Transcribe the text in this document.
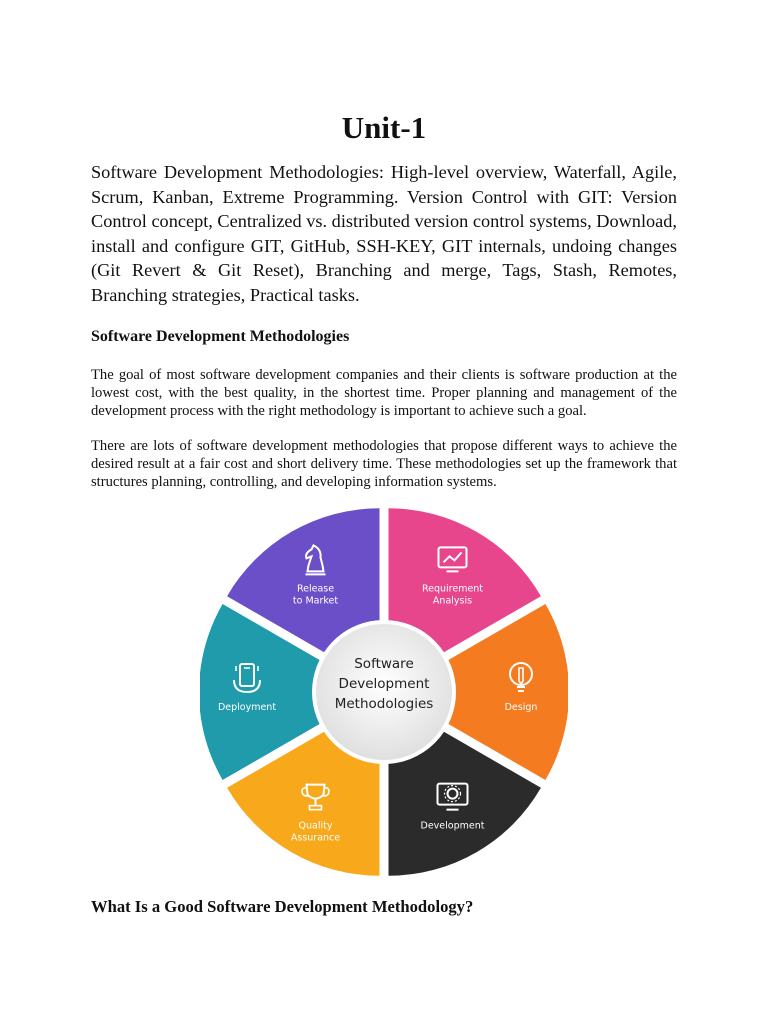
Unit-1

Software Development Methodologies: High-level overview, Waterfall, Agile, Scrum, Kanban, Extreme Programming. Version Control with GIT: Version Control concept, Centralized vs. distributed version control systems, Download, install and configure GIT, GitHub, SSH-KEY, GIT internals, undoing changes (Git Revert & Git Reset), Branching and merge, Tags, Stash, Remotes, Branching strategies, Practical tasks.

Software Development Methodologies

The goal of most software development companies and their clients is software production at the lowest cost, with the best quality, in the shortest time. Proper planning and management of the development process with the right methodology is important to achieve such a goal.

There are lots of software development methodologies that propose different ways to achieve the desired result at a fair cost and short delivery time. These methodologies set up the framework that structures planning, controlling, and developing information systems.

Requirement
Analysis
Design
Development
Quality
Assurance
Deployment
Release
to Market
Software
Development
Methodologies
What Is a Good Software Development Methodology?
